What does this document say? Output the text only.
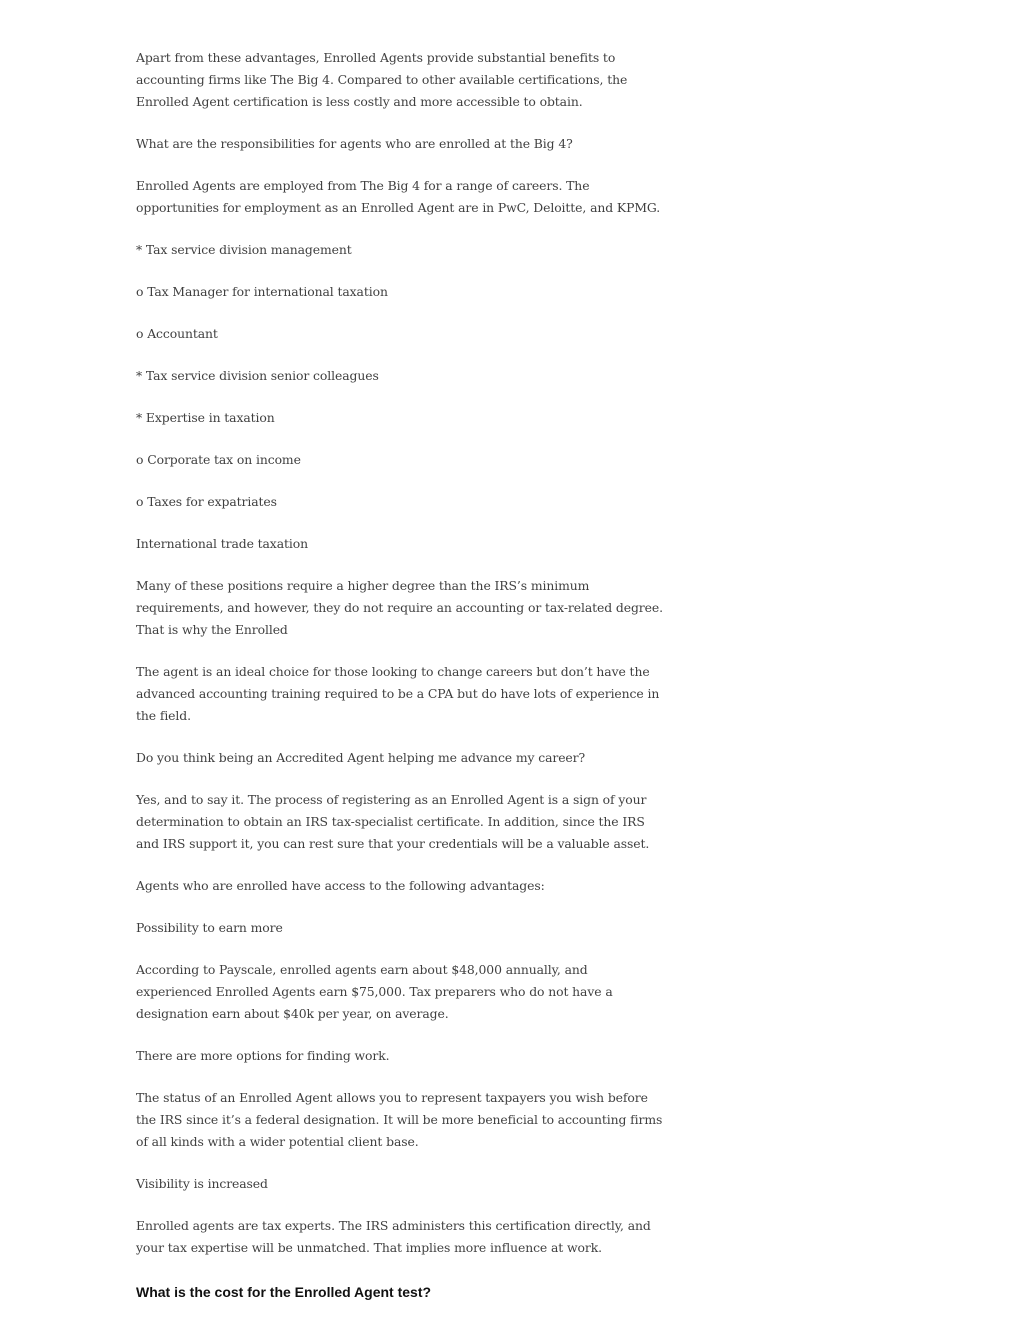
Apart from these advantages, Enrolled Agents provide substantial benefits to accounting firms like The Big 4. Compared to other available certifications, the Enrolled Agent certification is less costly and more accessible to obtain.

What are the responsibilities for agents who are enrolled at the Big 4?

Enrolled Agents are employed from The Big 4 for a range of careers. The opportunities for employment as an Enrolled Agent are in PwC, Deloitte, and KPMG.

* Tax service division management

o Tax Manager for international taxation

o Accountant

* Tax service division senior colleagues

* Expertise in taxation

o Corporate tax on income

o Taxes for expatriates

International trade taxation

Many of these positions require a higher degree than the IRS’s minimum requirements, and however, they do not require an accounting or tax-related degree. That is why the Enrolled

The agent is an ideal choice for those looking to change careers but don’t have the advanced accounting training required to be a CPA but do have lots of experience in the field.

Do you think being an Accredited Agent helping me advance my career?

Yes, and to say it. The process of registering as an Enrolled Agent is a sign of your determination to obtain an IRS tax-specialist certificate. In addition, since the IRS and IRS support it, you can rest sure that your credentials will be a valuable asset.

Agents who are enrolled have access to the following advantages:

Possibility to earn more

According to Payscale, enrolled agents earn about $48,000 annually, and experienced Enrolled Agents earn $75,000. Tax preparers who do not have a designation earn about $40k per year, on average.

There are more options for finding work.

The status of an Enrolled Agent allows you to represent taxpayers you wish before the IRS since it’s a federal designation. It will be more beneficial to accounting firms of all kinds with a wider potential client base.

Visibility is increased

Enrolled agents are tax experts. The IRS administers this certification directly, and your tax expertise will be unmatched. That implies more influence at work.

What is the cost for the Enrolled Agent test?
